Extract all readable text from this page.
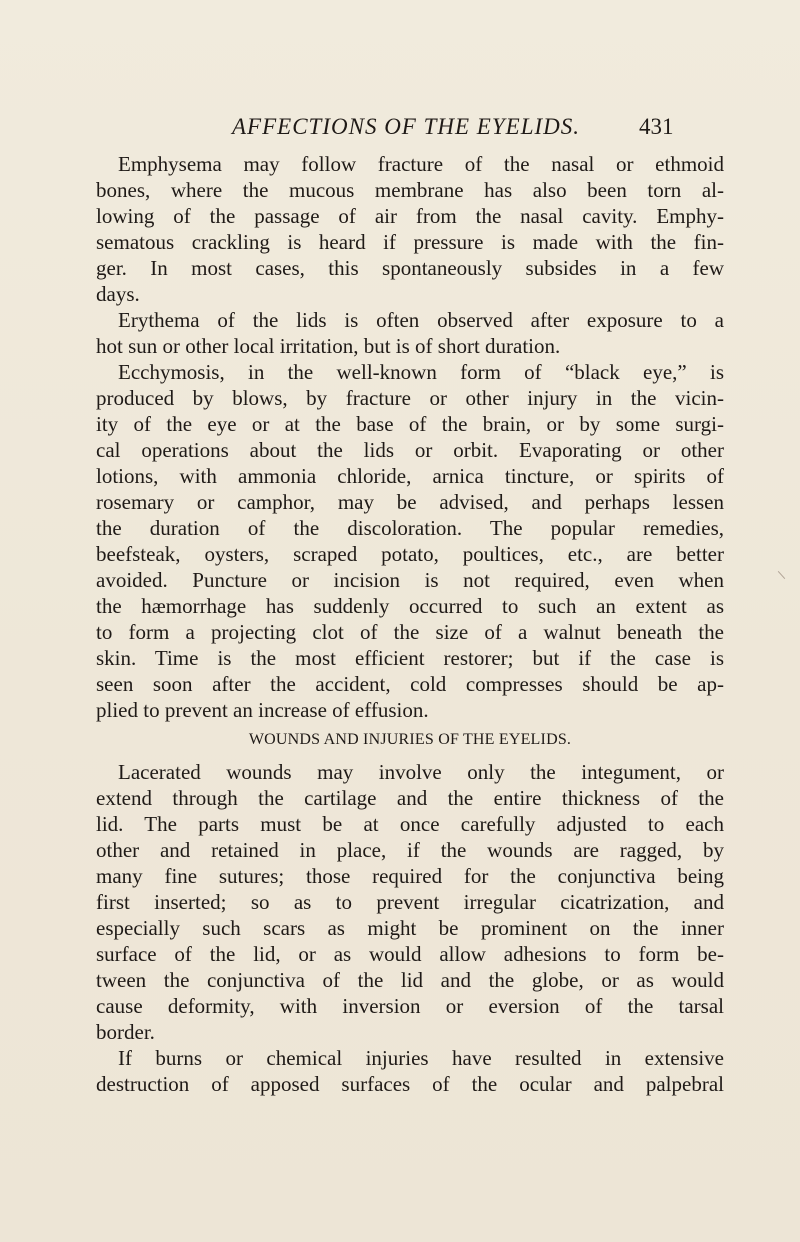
AFFECTIONS OF THE EYELIDS.	431
Emphysema may follow fracture of the nasal or ethmoid
bones, where the mucous membrane has also been torn al-
lowing of the passage of air from the nasal cavity. Emphy-
sematous crackling is heard if pressure is made with the fin-
ger. In most cases, this spontaneously subsides in a few
days.
Erythema of the lids is often observed after exposure to a
hot sun or other local irritation, but is of short duration.
Ecchymosis, in the well-known form of “black eye,” is
produced by blows, by fracture or other injury in the vicin-
ity of the eye or at the base of the brain, or by some surgi-
cal operations about the lids or orbit. Evaporating or other
lotions, with ammonia chloride, arnica tincture, or spirits of
rosemary or camphor, may be advised, and perhaps lessen
the duration of the discoloration. The popular remedies,
beefsteak, oysters, scraped potato, poultices, etc., are better
avoided. Puncture or incision is not required, even when
the hæmorrhage has suddenly occurred to such an extent as
to form a projecting clot of the size of a walnut beneath the
skin. Time is the most efficient restorer; but if the case is
seen soon after the accident, cold compresses should be ap-
plied to prevent an increase of effusion.
WOUNDS AND INJURIES OF THE EYELIDS.
Lacerated wounds may involve only the integument, or
extend through the cartilage and the entire thickness of the
lid. The parts must be at once carefully adjusted to each
other and retained in place, if the wounds are ragged, by
many fine sutures; those required for the conjunctiva being
first inserted; so as to prevent irregular cicatrization, and
especially such scars as might be prominent on the inner
surface of the lid, or as would allow adhesions to form be-
tween the conjunctiva of the lid and the globe, or as would
cause deformity, with inversion or eversion of the tarsal
border.
If burns or chemical injuries have resulted in extensive
destruction of apposed surfaces of the ocular and palpebral
